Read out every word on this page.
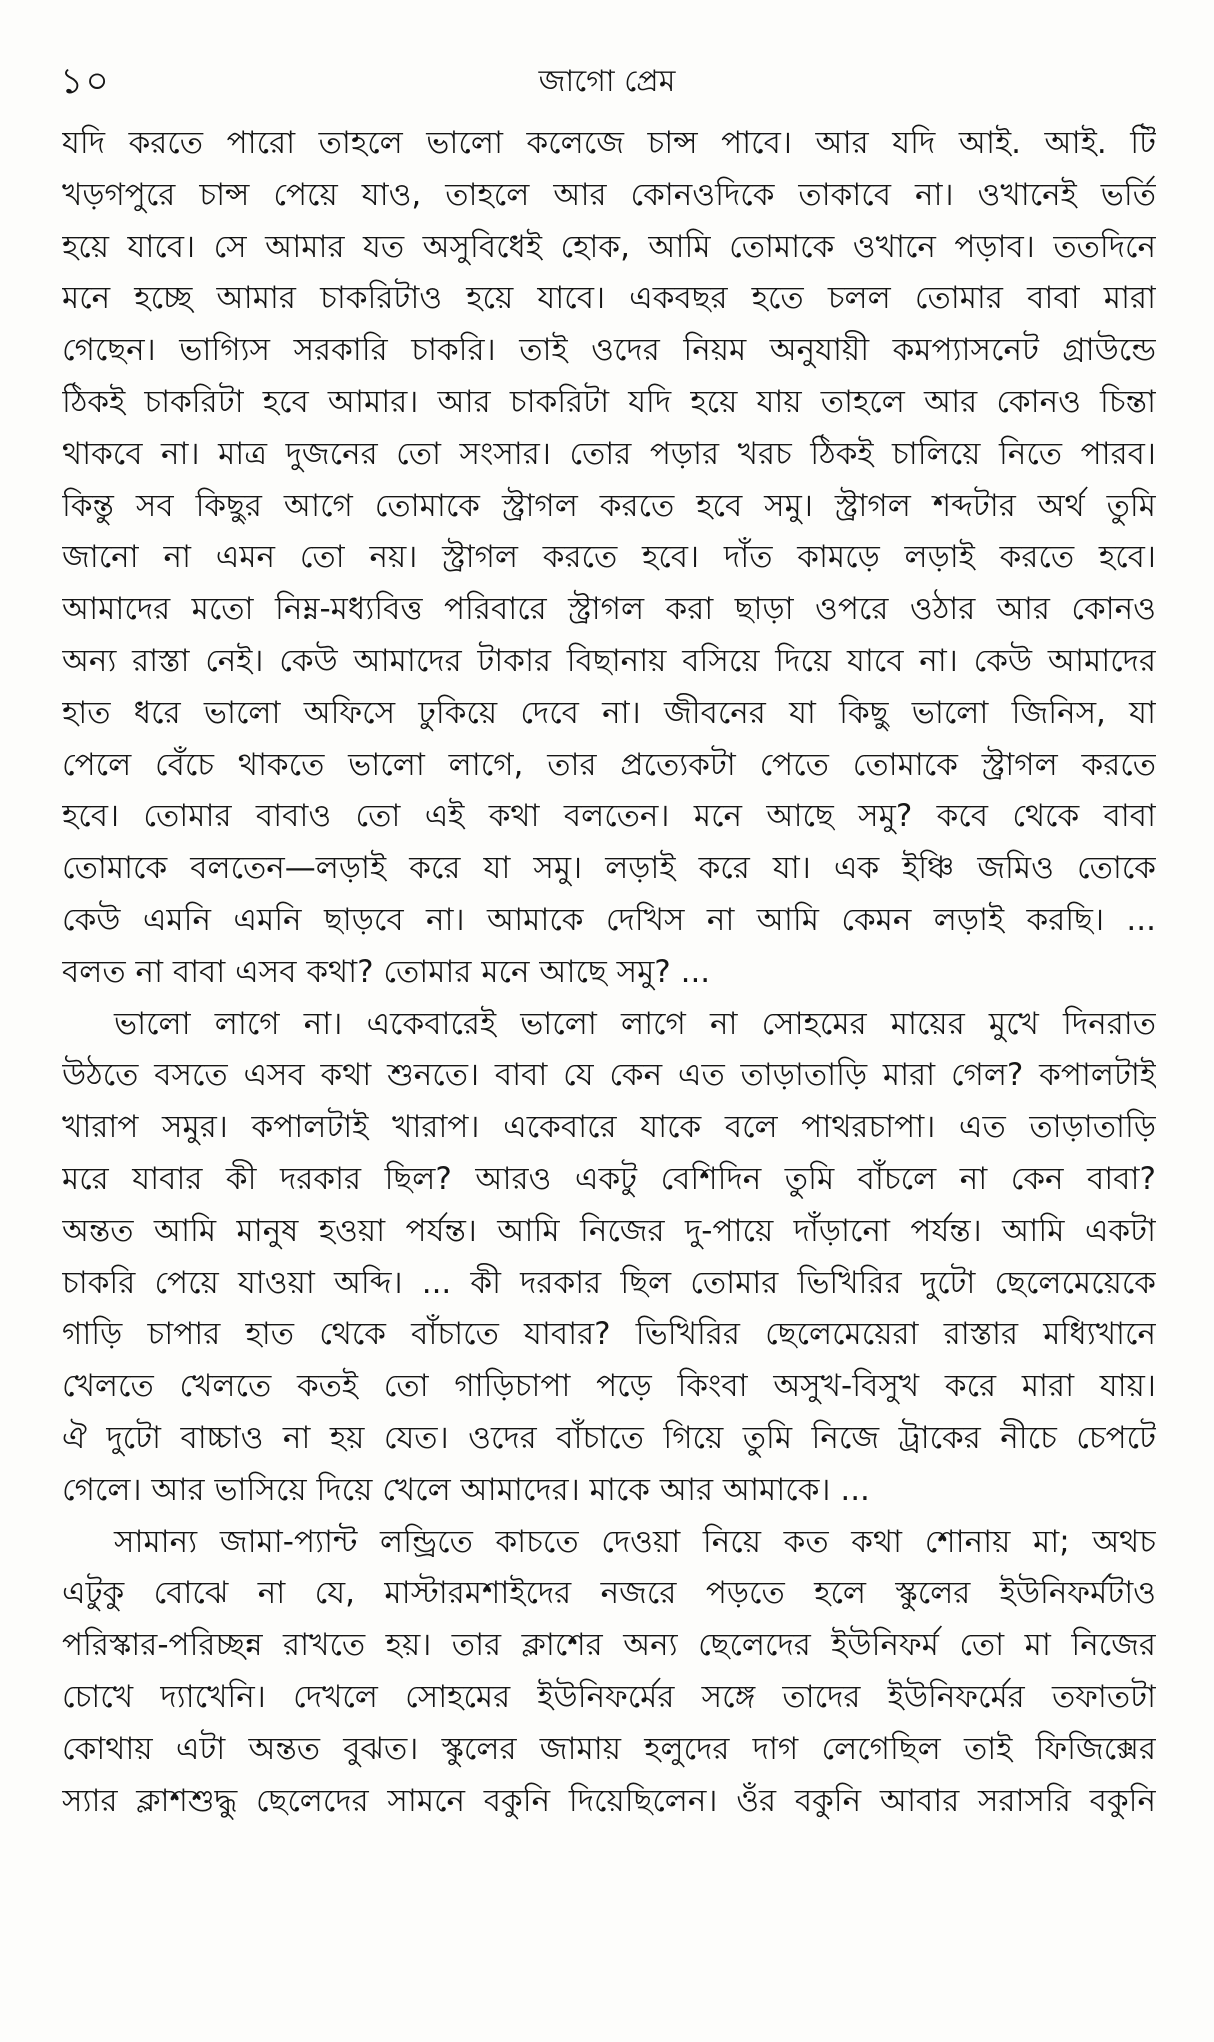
১০	জাগো প্রেম
যদি করতে পারো তাহলে ভালো কলেজে চান্স পাবে। আর যদি আই. আই. টি
খড়গপুরে চান্স পেয়ে যাও, তাহলে আর কোনওদিকে তাকাবে না। ওখানেই ভর্তি
হয়ে যাবে। সে আমার যত অসুবিধেই হোক, আমি তোমাকে ওখানে পড়াব। ততদিনে
মনে হচ্ছে আমার চাকরিটাও হয়ে যাবে। একবছর হতে চলল তোমার বাবা মারা
গেছেন। ভাগ্যিস সরকারি চাকরি। তাই ওদের নিয়ম অনুযায়ী কমপ্যাসনেট গ্রাউন্ডে
ঠিকই চাকরিটা হবে আমার। আর চাকরিটা যদি হয়ে যায় তাহলে আর কোনও চিন্তা
থাকবে না। মাত্র দুজনের তো সংসার। তোর পড়ার খরচ ঠিকই চালিয়ে নিতে পারব।
কিন্তু সব কিছুর আগে তোমাকে স্ট্রাগল করতে হবে সমু। স্ট্রাগল শব্দটার অর্থ তুমি
জানো না এমন তো নয়। স্ট্রাগল করতে হবে। দাঁত কামড়ে লড়াই করতে হবে।
আমাদের মতো নিম্ন-মধ্যবিত্ত পরিবারে স্ট্রাগল করা ছাড়া ওপরে ওঠার আর কোনও
অন্য রাস্তা নেই। কেউ আমাদের টাকার বিছানায় বসিয়ে দিয়ে যাবে না। কেউ আমাদের
হাত ধরে ভালো অফিসে ঢুকিয়ে দেবে না। জীবনের যা কিছু ভালো জিনিস, যা
পেলে বেঁচে থাকতে ভালো লাগে, তার প্রত্যেকটা পেতে তোমাকে স্ট্রাগল করতে
হবে। তোমার বাবাও তো এই কথা বলতেন। মনে আছে সমু? কবে থেকে বাবা
তোমাকে বলতেন—লড়াই করে যা সমু। লড়াই করে যা। এক ইঞ্চি জমিও তোকে
কেউ এমনি এমনি ছাড়বে না। আমাকে দেখিস না আমি কেমন লড়াই করছি। ...
বলত না বাবা এসব কথা? তোমার মনে আছে সমু? ...
ভালো লাগে না। একেবারেই ভালো লাগে না সোহমের মায়ের মুখে দিনরাত
উঠতে বসতে এসব কথা শুনতে। বাবা যে কেন এত তাড়াতাড়ি মারা গেল? কপালটাই
খারাপ সমুর। কপালটাই খারাপ। একেবারে যাকে বলে পাথরচাপা। এত তাড়াতাড়ি
মরে যাবার কী দরকার ছিল? আরও একটু বেশিদিন তুমি বাঁচলে না কেন বাবা?
অন্তত আমি মানুষ হওয়া পর্যন্ত। আমি নিজের দু-পায়ে দাঁড়ানো পর্যন্ত। আমি একটা
চাকরি পেয়ে যাওয়া অব্দি। ... কী দরকার ছিল তোমার ভিখিরির দুটো ছেলেমেয়েকে
গাড়ি চাপার হাত থেকে বাঁচাতে যাবার? ভিখিরির ছেলেমেয়েরা রাস্তার মধ্যিখানে
খেলতে খেলতে কতই তো গাড়িচাপা পড়ে কিংবা অসুখ-বিসুখ করে মারা যায়।
ঐ দুটো বাচ্চাও না হয় যেত। ওদের বাঁচাতে গিয়ে তুমি নিজে ট্রাকের নীচে চেপটে
গেলে। আর ভাসিয়ে দিয়ে খেলে আমাদের। মাকে আর আমাকে। ...
সামান্য জামা-প্যান্ট লন্ড্রিতে কাচতে দেওয়া নিয়ে কত কথা শোনায় মা; অথচ
এটুকু বোঝে না যে, মাস্টারমশাইদের নজরে পড়তে হলে স্কুলের ইউনিফর্মটাও
পরিস্কার-পরিচ্ছন্ন রাখতে হয়। তার ক্লাশের অন্য ছেলেদের ইউনিফর্ম তো মা নিজের
চোখে দ্যাখেনি। দেখলে সোহমের ইউনিফর্মের সঙ্গে তাদের ইউনিফর্মের তফাতটা
কোথায় এটা অন্তত বুঝত। স্কুলের জামায় হলুদের দাগ লেগেছিল তাই ফিজিক্সের
স্যার ক্লাশশুদ্ধু ছেলেদের সামনে বকুনি দিয়েছিলেন। ওঁর বকুনি আবার সরাসরি বকুনি
